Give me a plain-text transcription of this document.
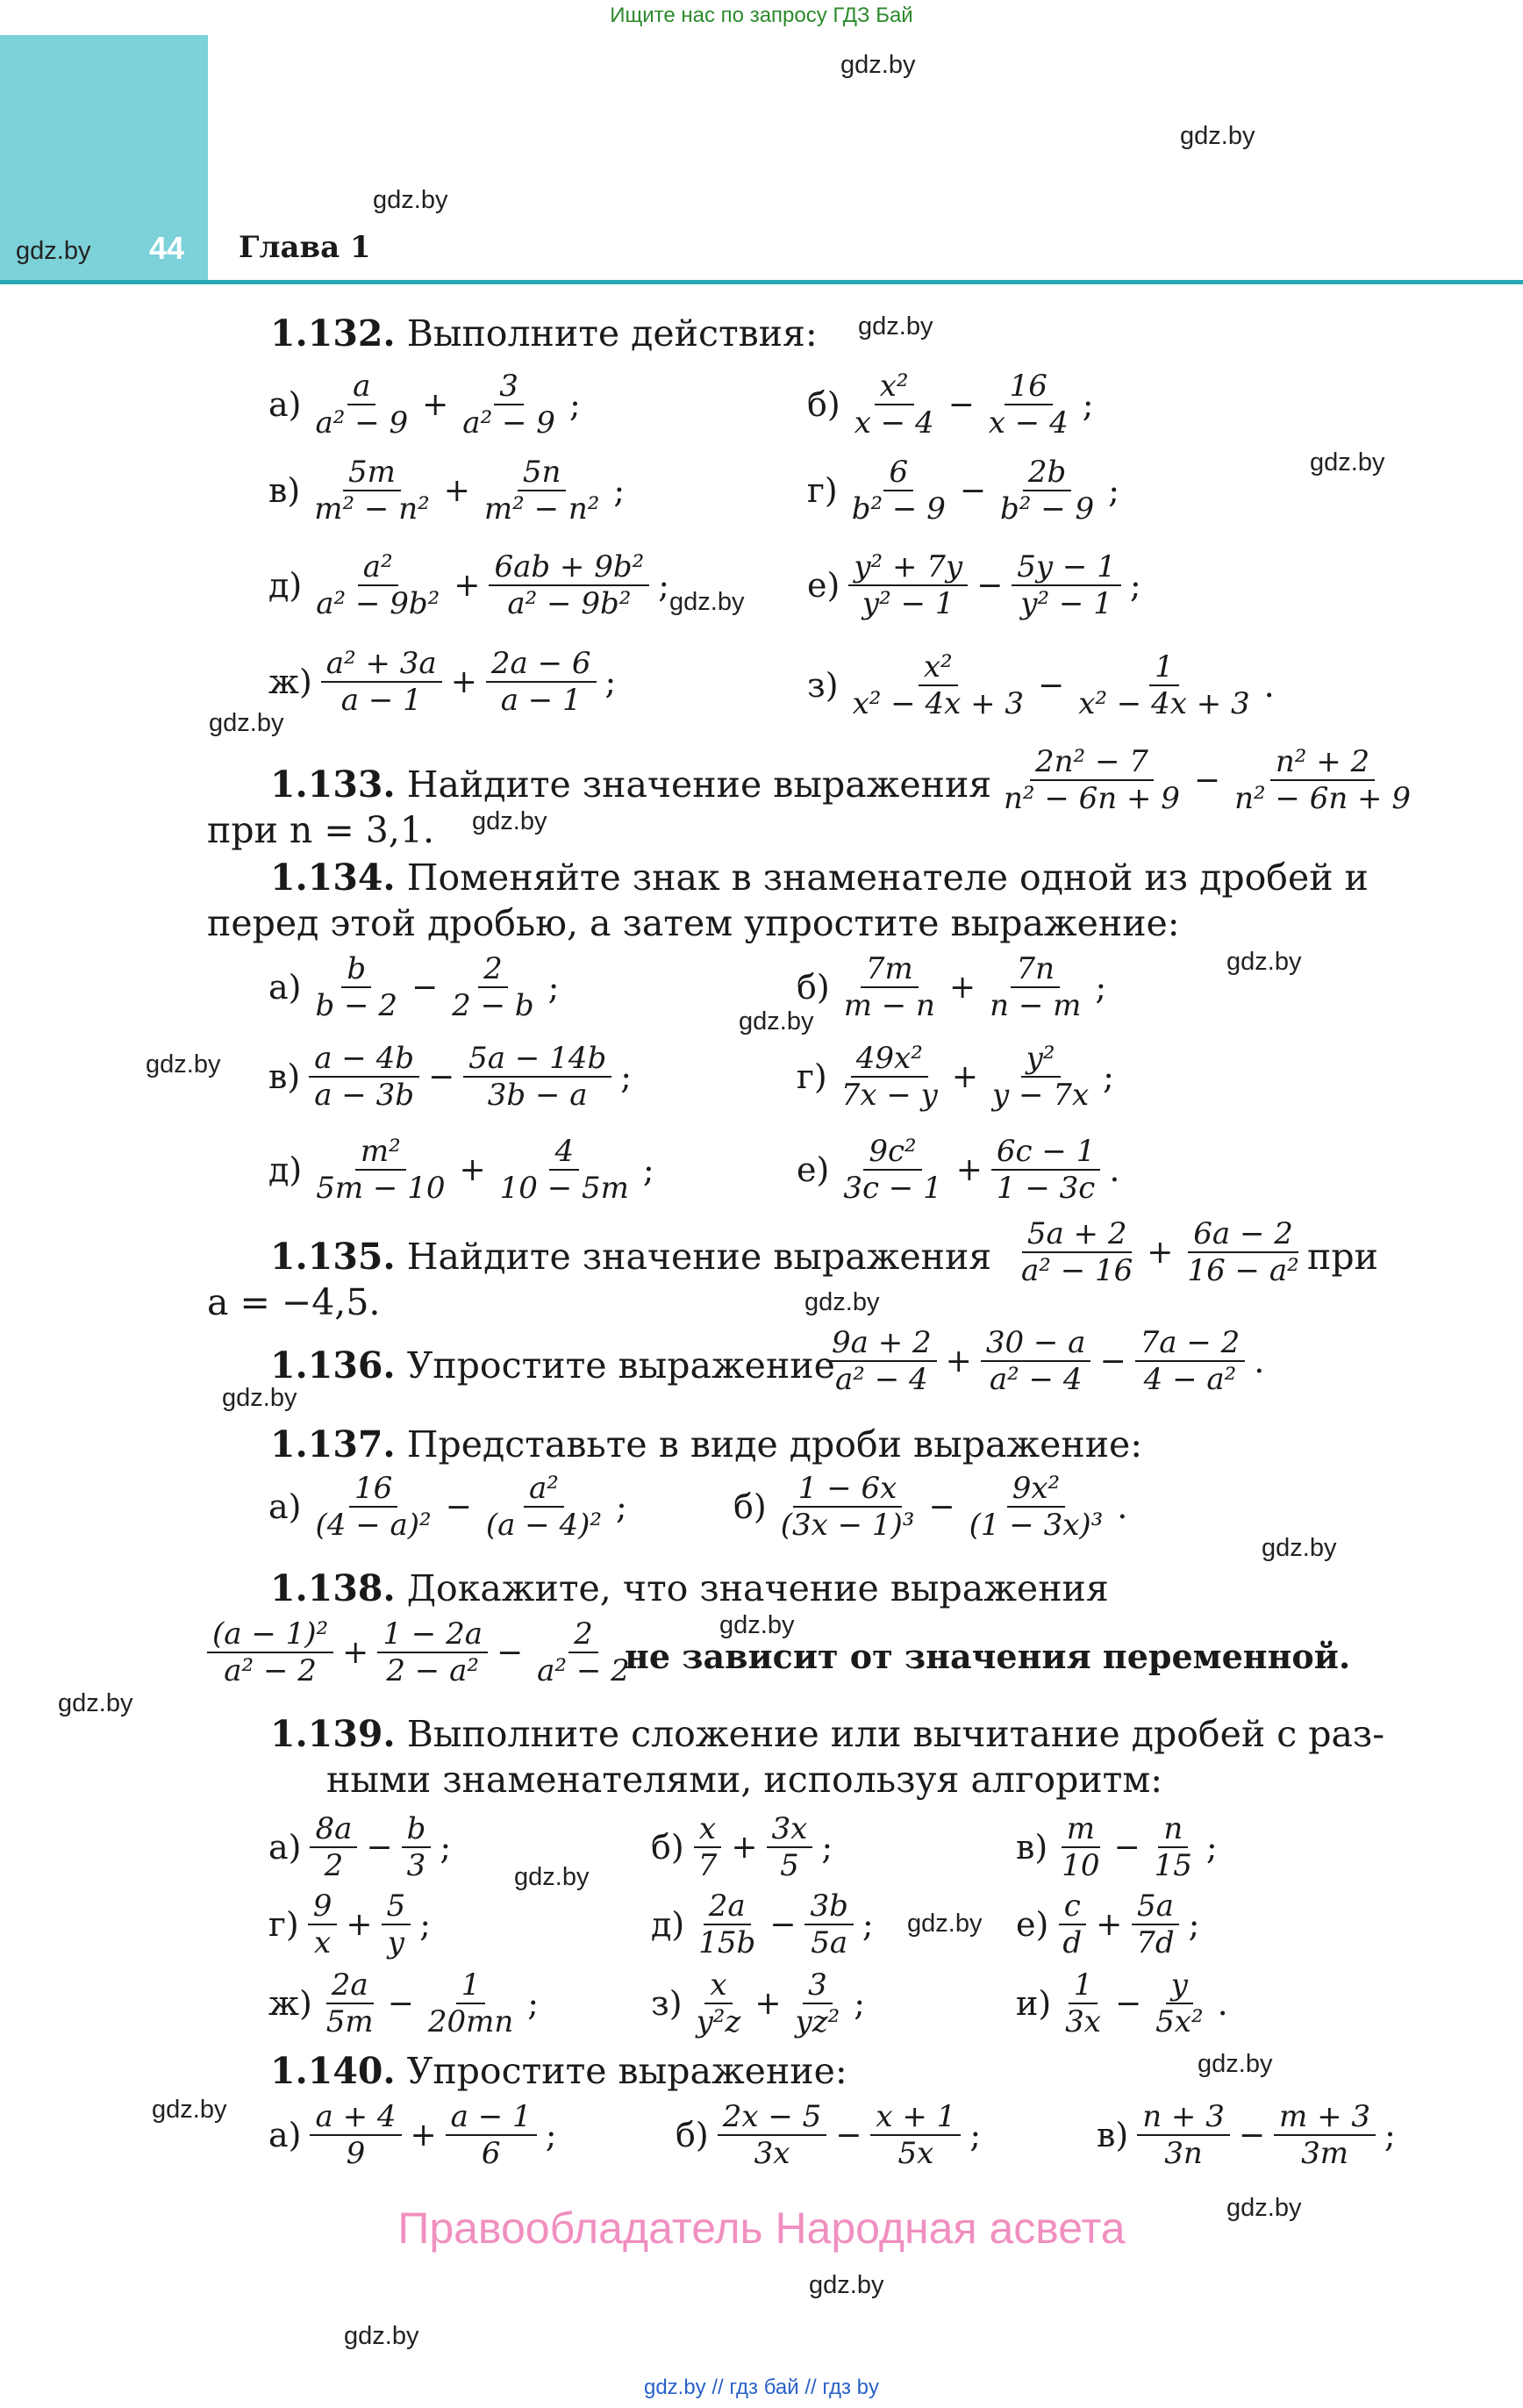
Ищите нас по запросу ГДЗ Бай
44 Глава 1
gdz.by
gdz.by
gdz.by
gdz.by
gdz.by
gdz.by
gdz.by
gdz.by
gdz.by
gdz.by
gdz.by
gdz.by
gdz.by
gdz.by
gdz.by
gdz.by
gdz.by
gdz.by
gdz.by
gdz.by
gdz.by
gdz.by
gdz.by
gdz.by
1.132. Выполните действия:
$а) \frac{a}{\text{a² − 9}} + \frac{3}{\text{a² − 9}}$ ;	$б) \frac{\text{x²}}{x - 4} - \frac{16}{x - 4}$ ;
$в) \frac{5m}{\text{m² − n²}} + \frac{5n}{\text{m² − n²}}$ ;	$г) \frac{6}{\text{b² − 9}} - \frac{2b}{\text{b² − 9}}$ ;
$д) \frac{\text{a²}}{\text{a² − 9b²}} + \frac{\text{6ab + 9b²}}{\text{a² − 9b²}}$ ;	$е) \frac{\text{y² + 7y}}{\text{y² − 1}} - \frac{5y - 1}{\text{y² − 1}}$ ;
$ж) \frac{\text{a² + 3a}}{a - 1} + \frac{2a - 6}{a - 1}$ ;	$з) \frac{\text{x²}}{\text{x² − 4x + 3}} - \frac{1}{\text{x² − 4x + 3}}$ .
1.133. Найдите значение выражения $\frac{\text{2n² − 7}}{\text{n² − 6n + 9}} - \frac{\text{n² + 2}}{\text{n² − 6n + 9}}$
при n = 3,1.
1.134. Поменяйте знак в знаменателе одной из дробей и
перед этой дробью, а затем упростите выражение:
$а) \frac{b}{b - 2} - \frac{2}{2 - b}$ ;	$б) \frac{7m}{m - n} + \frac{7n}{n - m}$ ;
$в) \frac{a - 4b}{a - 3b} - \frac{5a - 14b}{3b - a}$ ;	$г) \frac{\text{49x²}}{7x - y} + \frac{\text{y²}}{y - 7x}$ ;
$д) \frac{\text{m²}}{5m - 10} + \frac{4}{10 - 5m}$ ;	$е) \frac{\text{9c²}}{3c - 1} + \frac{6c - 1}{1 - 3c}$ .
1.135. Найдите значение выражения $\frac{5a + 2}{\text{a² − 16}} + \frac{6a - 2}{\text{16 − a²}}$ при
a = −4,5.
1.136. Упростите выражение
$\frac{9a + 2}{\text{a² − 4}} + \frac{30 - a}{\text{a² − 4}} - \frac{7a - 2}{\text{4 − a²}}$ .
1.137. Представьте в виде дроби выражение:
$а) \frac{16}{\text{(4 − a)²}} - \frac{\text{a²}}{\text{(a − 4)²}}$ ;	$б) \frac{1 - 6x}{\text{(3x − 1)³}} - \frac{\text{9x²}}{\text{(1 − 3x)³}}$ .
1.138. Докажите, что значение выражения
$\frac{\text{(a − 1)²}}{\text{a² − 2}} + \frac{1 - 2a}{\text{2 − a²}} - \frac{2}{\text{a² − 2}}$
не зависит от значения переменной.
1.139. Выполните сложение или вычитание дробей с раз-
ными знаменателями, используя алгоритм:
$а) \frac{8a}{2} - \frac{b}{3}$ ;	$б) \frac{x}{7} + \frac{3x}{5}$ ;	$в) \frac{m}{10} - \frac{n}{15}$ ;
$г) \frac{9}{x} + \frac{5}{y}$ ;	$д) \frac{2a}{15b} - \frac{3b}{5a}$ ;	$е) \frac{c}{d} + \frac{5a}{7d}$ ;
$ж) \frac{2a}{5m} - \frac{1}{20mn}$ ;	$з) \frac{x}{\text{y²z}} + \frac{3}{\text{yz²}}$ ;	$и) \frac{1}{3x} - \frac{y}{\text{5x²}}$ .
1.140. Упростите выражение:
$а) \frac{a + 4}{9} + \frac{a - 1}{6}$ ;	$б) \frac{2x - 5}{3x} - \frac{x + 1}{5x}$ ;	$в) \frac{n + 3}{3n} - \frac{m + 3}{3m}$ ;
Правообладатель Народная асвета
gdz.by // гдз бай // гдз by
